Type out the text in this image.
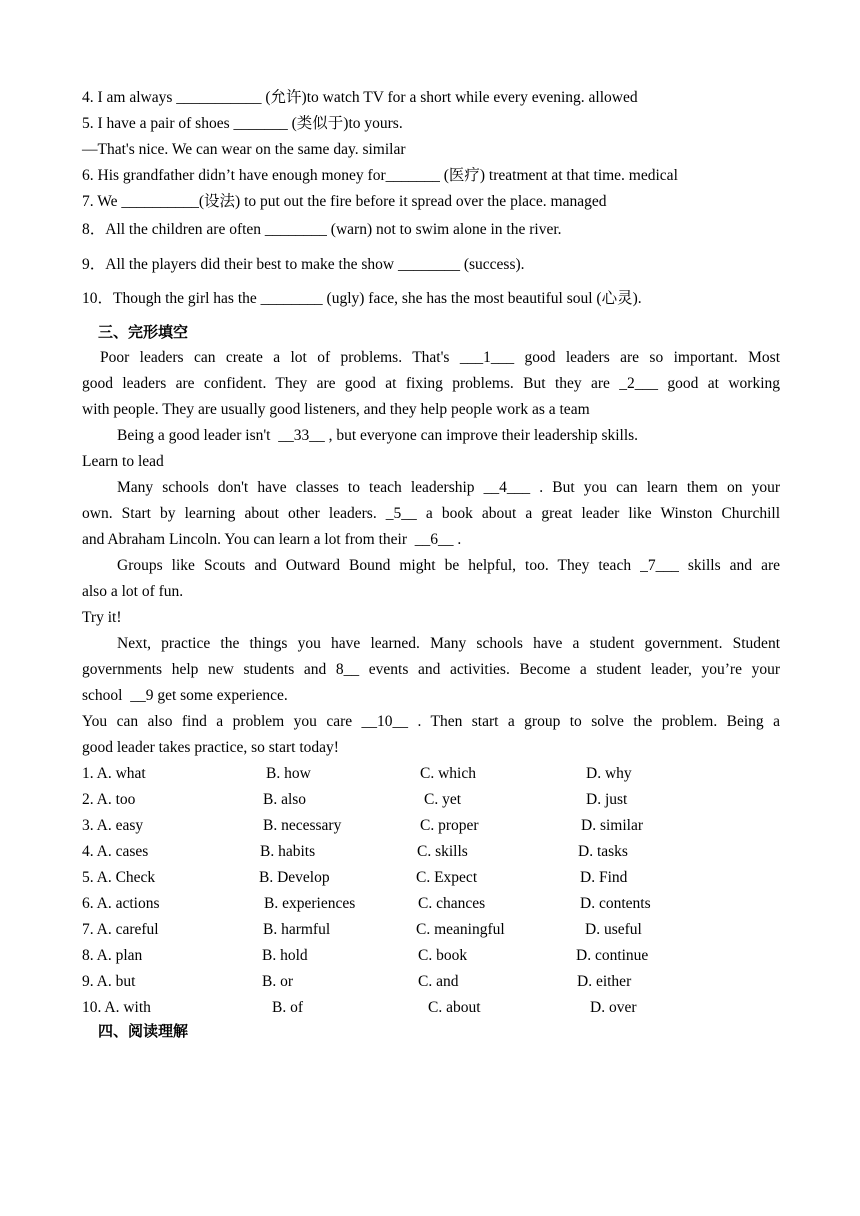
4. I am always ___________ (允许)to watch TV for a short while every evening. allowed
5. I have a pair of shoes _______ (类似于)to yours.
—That's nice. We can wear on the same day. similar
6. His grandfather didn’t have enough money for_______ (医疗) treatment at that time. medical
7. We __________(设法) to put out the fire before it spread over the place. managed
8．All the children are often ________ (warn) not to swim alone in the river.
9．All the players did their best to make the show ________ (success).
10．Though the girl has the ________ (ugly) face, she has the most beautiful soul (心灵).
三、完形填空
Poor leaders can create a lot of problems. That's ___1___ good leaders are so important. Most
good leaders are confident. They are good at fixing problems. But they are _2___ good at working
with people. They are usually good listeners, and they help people work as a team
Being a good leader isn't  __33__ , but everyone can improve their leadership skills.
Learn to lead
Many schools don't have classes to teach leadership __4___ . But you can learn them on your
own. Start by learning about other leaders. _5__ a book about a great leader like Winston Churchill
and Abraham Lincoln. You can learn a lot from their  __6__ .
Groups like Scouts and Outward Bound might be helpful, too. They teach _7___ skills and are
also a lot of fun.
Try it!
Next, practice the things you have learned. Many schools have a student government. Student
governments help new students and 8__ events and activities. Become a student leader, you’re your
school  __9 get some experience.
You can also find a problem you care __10__ . Then start a group to solve the problem. Being a
good leader takes practice, so start today!
1. A. what	B. how	C. which	D. why
2. A. too	B. also	C. yet	D. just
3. A. easy	B. necessary	C. proper	D. similar
4. A. cases	B. habits	C. skills	D. tasks
5. A. Check	B. Develop	C. Expect	D. Find
6. A. actions	B. experiences	C. chances	D. contents
7. A. careful	B. harmful	C. meaningful	D. useful
8. A. plan	B. hold	C. book	D. continue
9. A. but	B. or	C. and	D. either
10. A. with	B. of	C. about	D. over
四、阅读理解
